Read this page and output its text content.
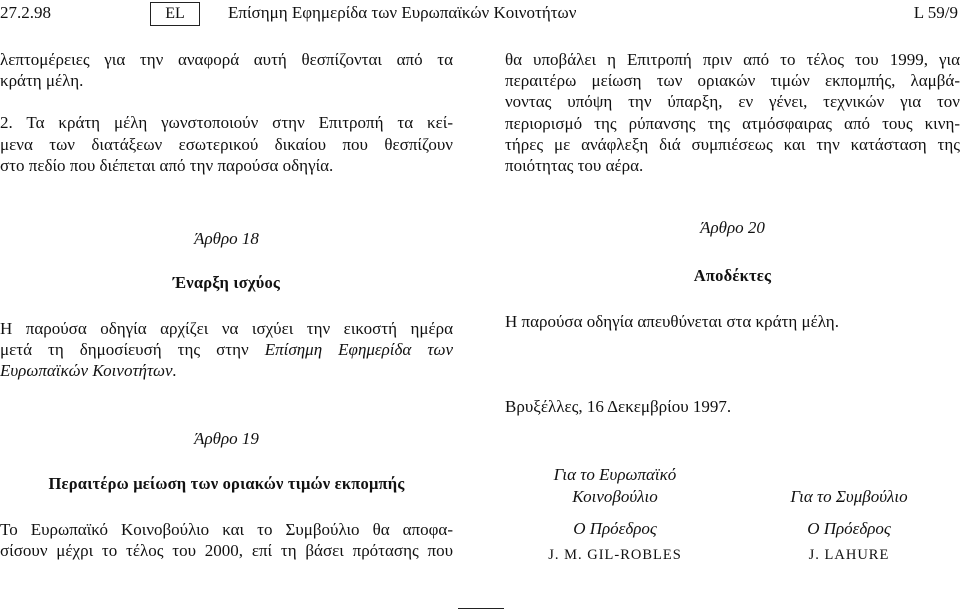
27.2.98	EL	Επίσημη Εφημερίδα των Ευρωπαϊκών Κοινοτήτων	L 59/9

λεπτομέρειες για την αναφορά αυτή θεσπίζονται από τα

κράτη μέλη.

2. Τα κράτη μέλη γωνστοποιούν στην Επιτροπή τα κεί-

μενα των διατάξεων εσωτερικού δικαίου που θεσπίζουν

στο πεδίο που διέπεται από την παρούσα οδηγία.

θα υποβάλει η Επιτροπή πριν από το τέλος του 1999, για

περαιτέρω μείωση των οριακών τιμών εκπομπής, λαμβά-

νοντας υπόψη την ύπαρξη, εν γένει, τεχνικών για τον

περιορισμό της ρύπανσης της ατμόσφαιρας από τους κινη-

τήρες με ανάφλεξη διά συμπιέσεως και την κατάσταση της

ποιότητας του αέρα.

Άρθρο 18
Έναρξη ισχύος

Η παρούσα οδηγία αρχίζει να ισχύει την εικοστή ημέρα

μετά τη δημοσίευσή της στην Επίσημη Εφημερίδα των

Ευρωπαϊκών Κοινοτήτων.

Άρθρο 19
Περαιτέρω μείωση των οριακών τιμών εκπομπής

Το Ευρωπαϊκό Κοινοβούλιο και το Συμβούλιο θα αποφα-

σίσουν μέχρι το τέλος του 2000, επί τη βάσει πρότασης που

Άρθρο 20
Αποδέκτες

Η παρούσα οδηγία απευθύνεται στα κράτη μέλη.

Βρυξέλλες, 16 Δεκεμβρίου 1997.
Για το Ευρωπαϊκό
Κοινοβούλιο
Ο Πρόεδρος
J. M. GIL-ROBLES
Για το Συμβούλιο
Ο Πρόεδρος
J. LAHURE
